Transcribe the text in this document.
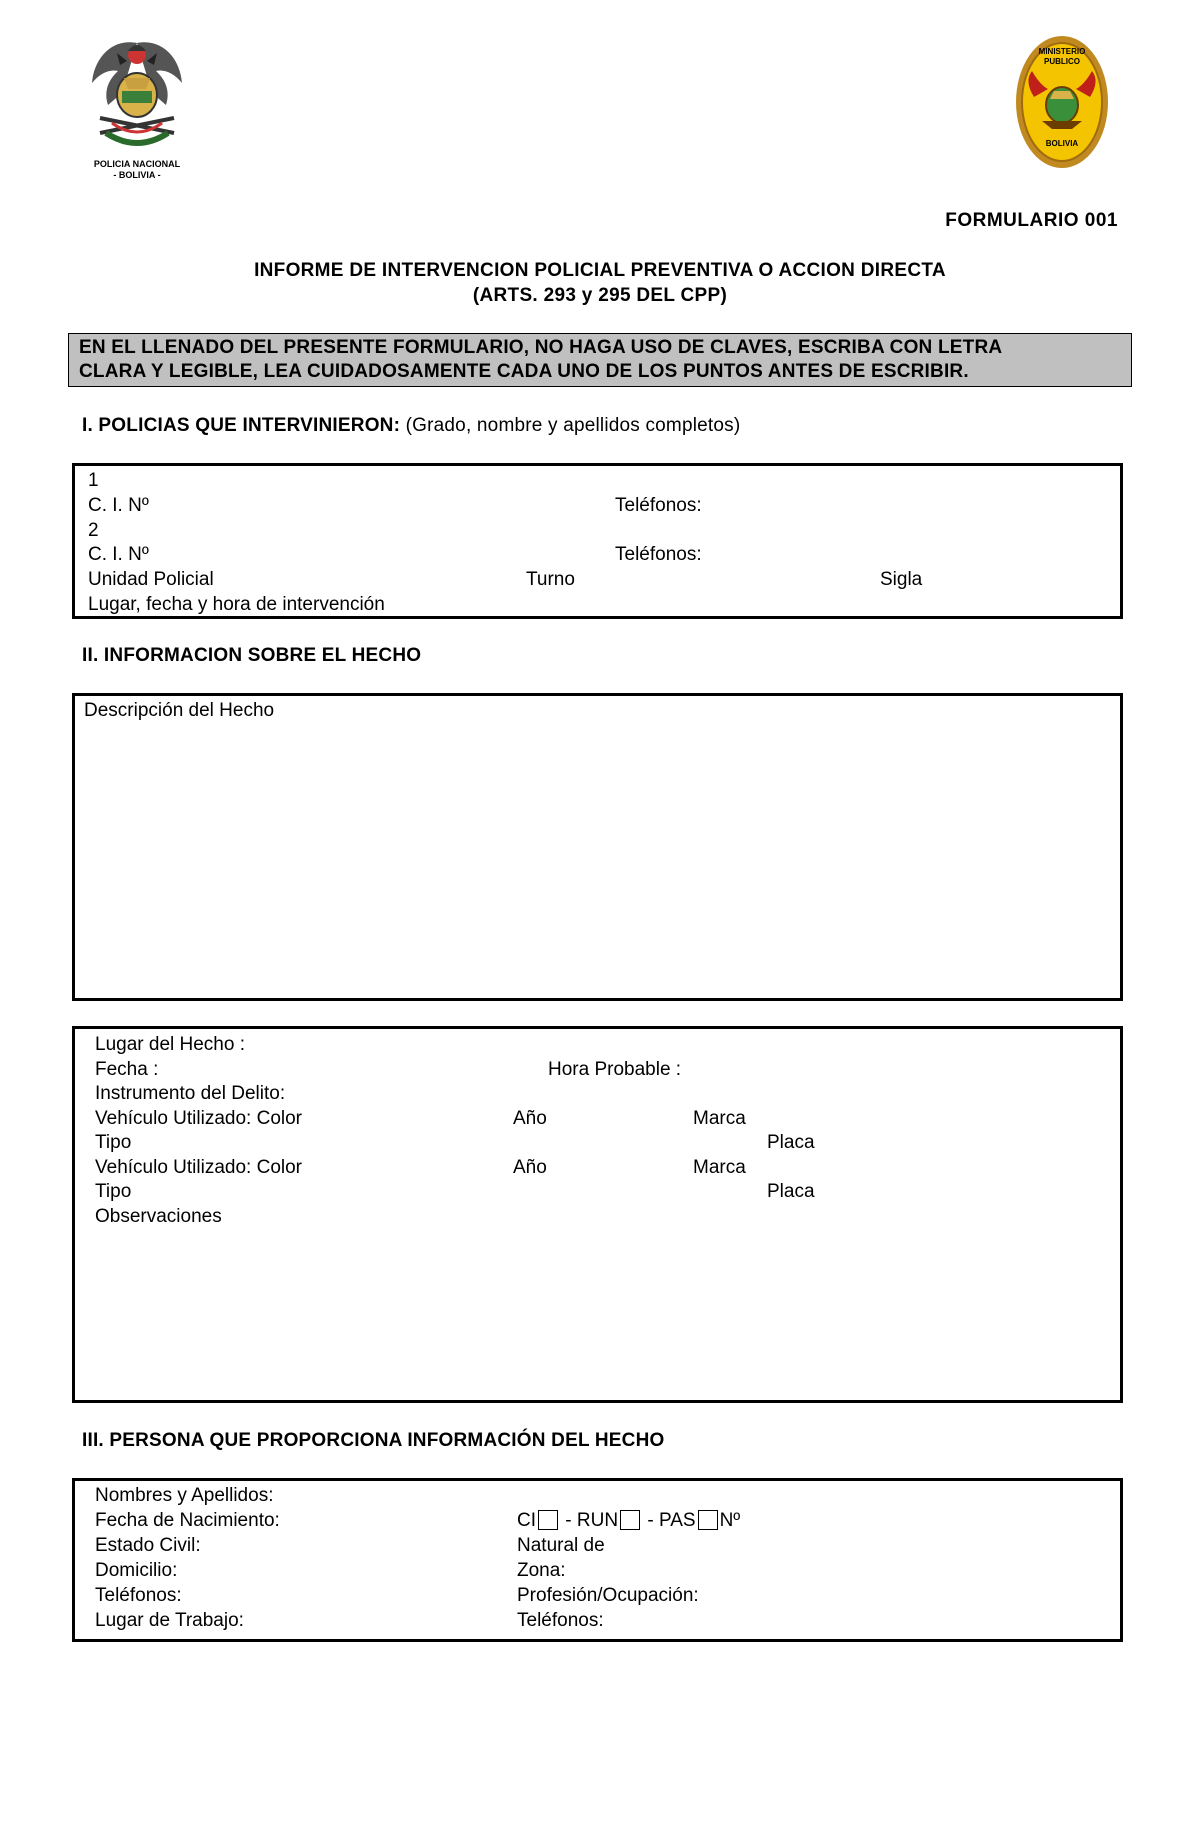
POLICIA NACIONAL
- BOLIVIA -
MINISTERIO PUBLICO
BOLIVIA
FORMULARIO 001
INFORME DE INTERVENCION POLICIAL PREVENTIVA O ACCION DIRECTA
(ARTS. 293 y 295 DEL CPP)
EN EL LLENADO DEL PRESENTE FORMULARIO, NO HAGA USO DE CLAVES, ESCRIBA CON LETRA
CLARA Y LEGIBLE, LEA CUIDADOSAMENTE CADA UNO DE LOS PUNTOS ANTES DE ESCRIBIR.
I. POLICIAS QUE INTERVINIERON: (Grado, nombre y apellidos completos)
1
C. I. Nº	Teléfonos:
2
C. I. Nº	Teléfonos:
Unidad Policial	Turno	Sigla
Lugar, fecha y hora de intervención
II. INFORMACION SOBRE EL HECHO
Descripción del Hecho
Lugar del Hecho :
Fecha :	Hora Probable :
Instrumento del Delito:
Vehículo Utilizado: Color	Año	Marca
Tipo	Placa
Vehículo Utilizado: Color	Año	Marca
Tipo	Placa
Observaciones
III. PERSONA QUE PROPORCIONA INFORMACIÓN DEL HECHO
Nombres y Apellidos:
Fecha de Nacimiento:	CI - RUN - PAS Nº
Estado Civil:	Natural de
Domicilio:	Zona:
Teléfonos:	Profesión/Ocupación:
Lugar de Trabajo:	Teléfonos:
